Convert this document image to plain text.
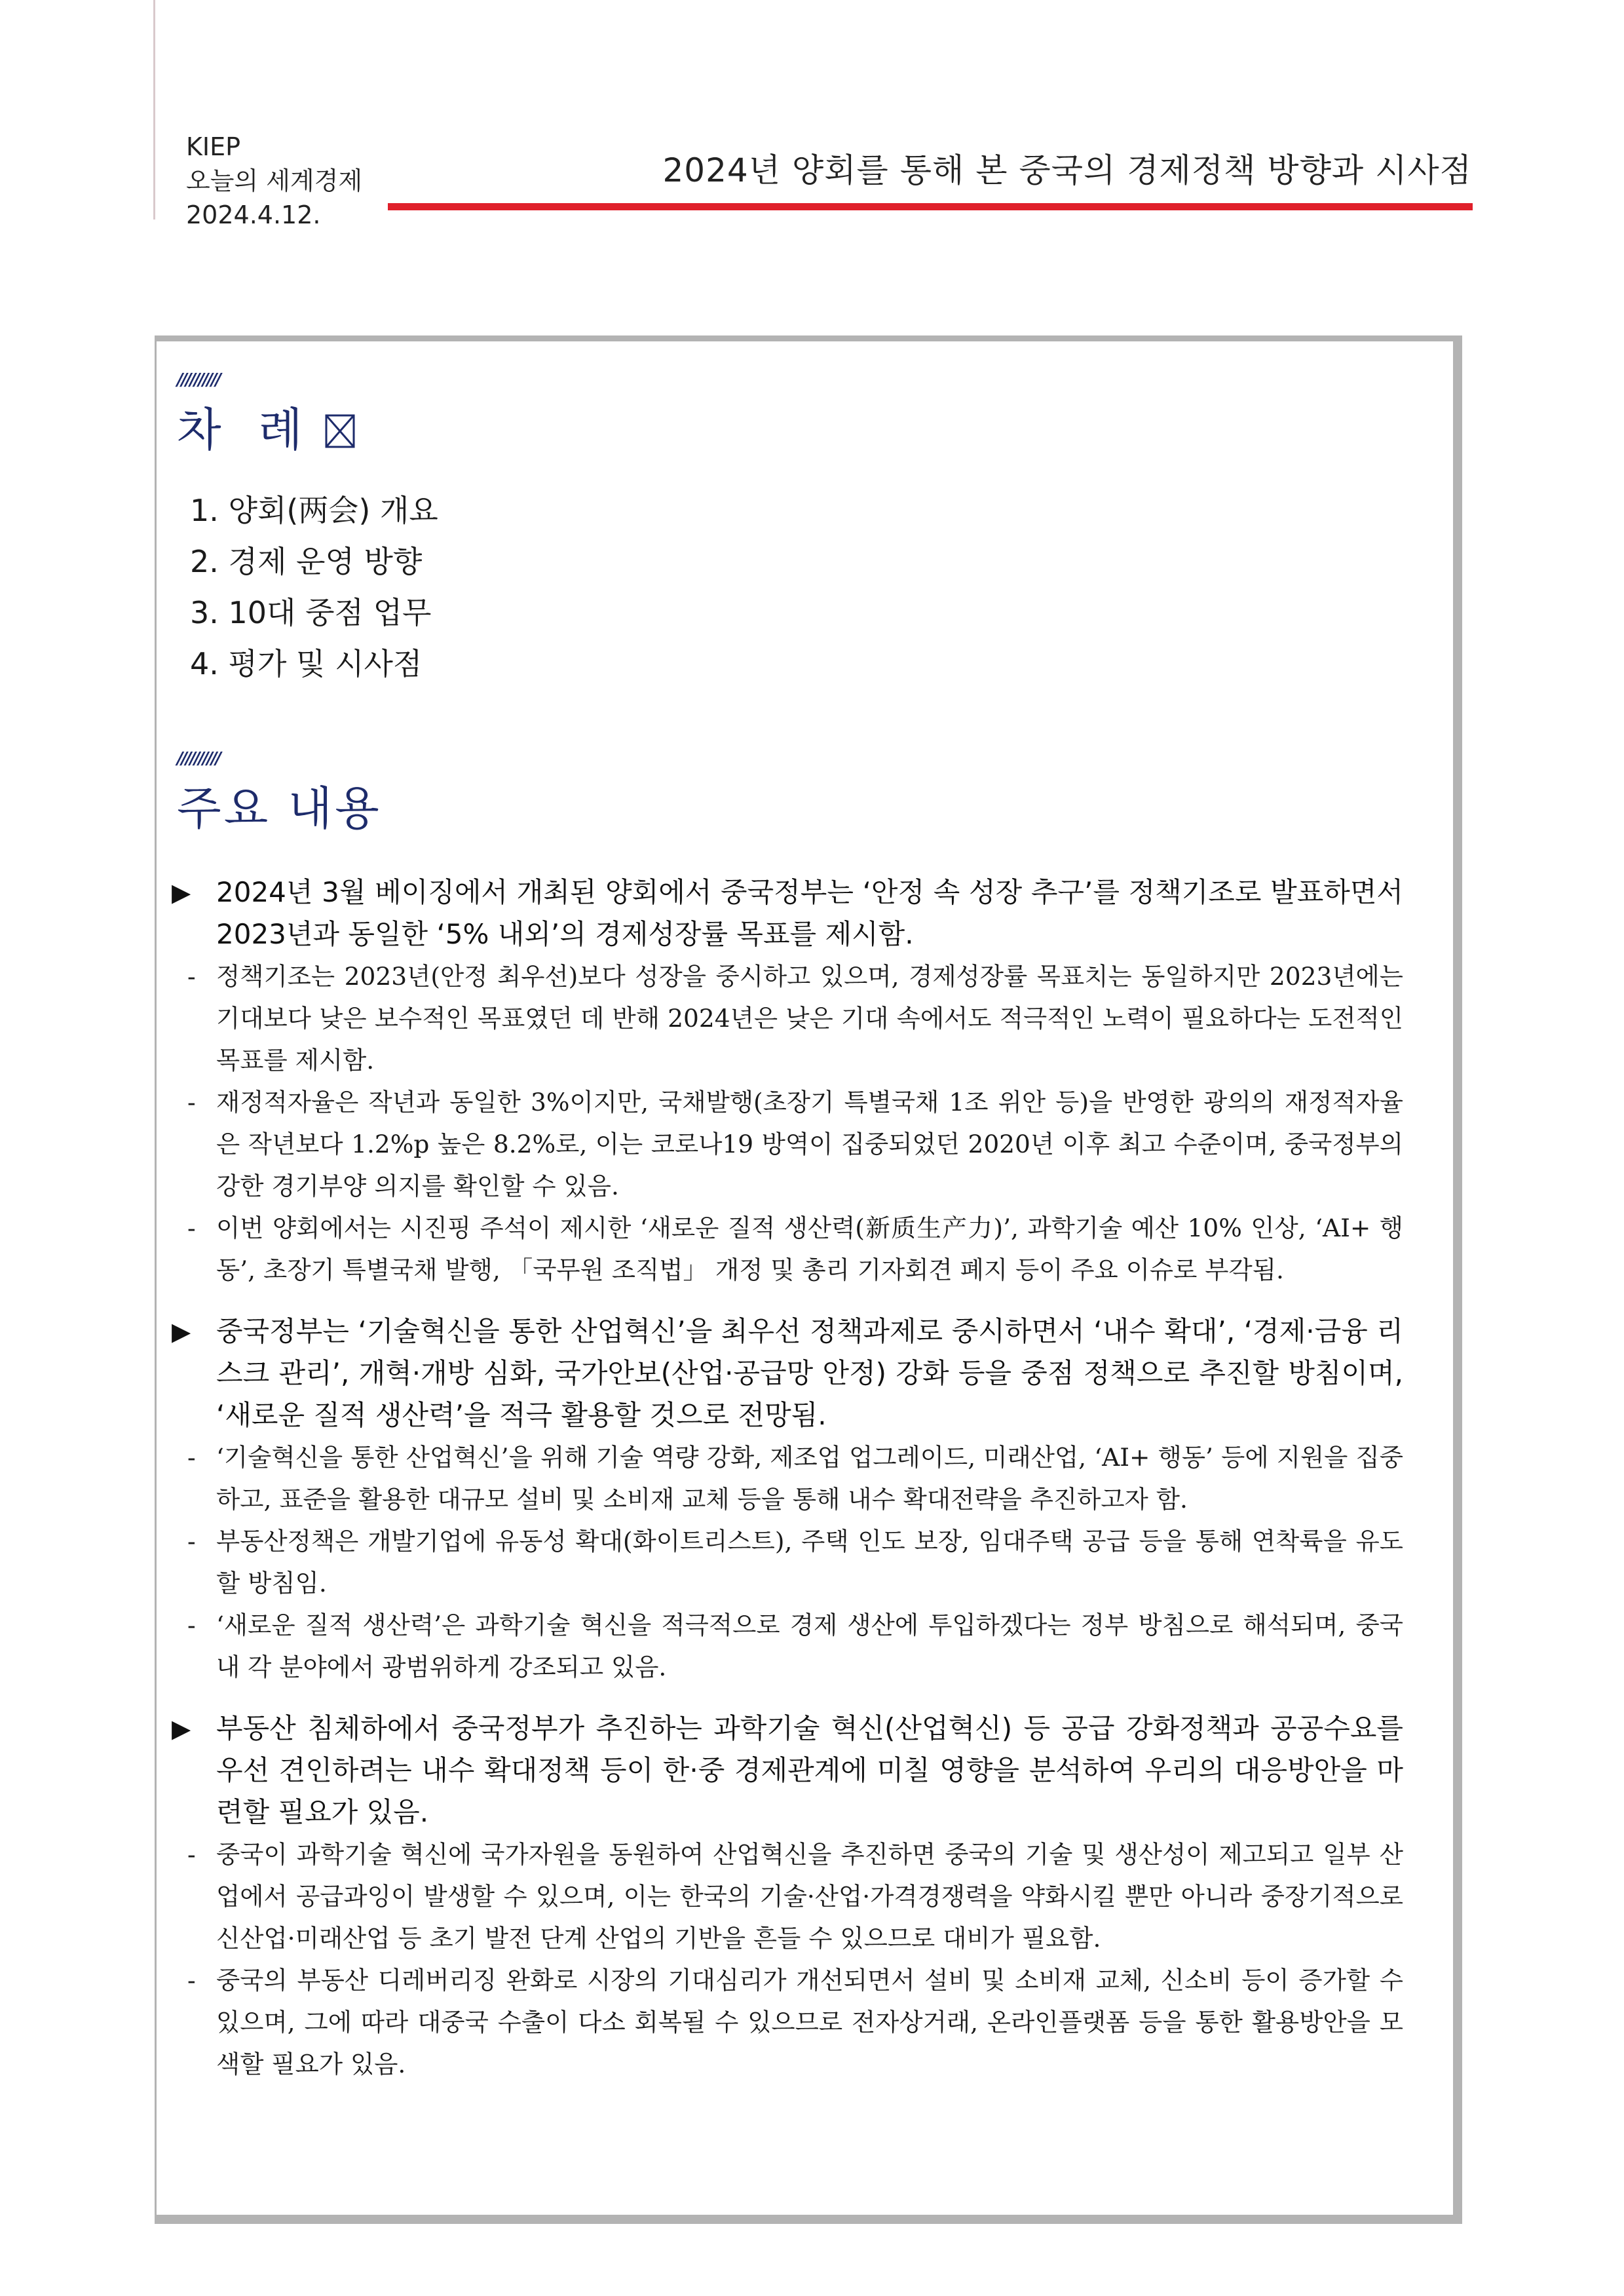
KIEP
오늘의 세계경제
2024.4.12.
2024년 양회를 통해 본 중국의 경제정책 방향과 시사점
//////////
차  례
1. 양회(两会) 개요
2. 경제 운영 방향
3. 10대 중점 업무
4. 평가 및 시사점
//////////
주요 내용
▶ 2024년 3월 베이징에서 개최된 양회에서 중국정부는 ‘안정 속 성장 추구’를 정책기조로 발표하면서 2023년과 동일한 ‘5% 내외’의 경제성장률 목표를 제시함.
- 정책기조는 2023년(안정 최우선)보다 성장을 중시하고 있으며, 경제성장률 목표치는 동일하지만 2023년에는 기대보다 낮은 보수적인 목표였던 데 반해 2024년은 낮은 기대 속에서도 적극적인 노력이 필요하다는 도전적인 목표를 제시함.
- 재정적자율은 작년과 동일한 3%이지만, 국채발행(초장기 특별국채 1조 위안 등)을 반영한 광의의 재정적자율은 작년보다 1.2%p 높은 8.2%로, 이는 코로나19 방역이 집중되었던 2020년 이후 최고 수준이며, 중국정부의 강한 경기부양 의지를 확인할 수 있음.
- 이번 양회에서는 시진핑 주석이 제시한 ‘새로운 질적 생산력(新质生产力)’, 과학기술 예산 10% 인상, ‘AI+ 행동’, 초장기 특별국채 발행, 「국무원 조직법」 개정 및 총리 기자회견 폐지 등이 주요 이슈로 부각됨.
▶ 중국정부는 ‘기술혁신을 통한 산업혁신’을 최우선 정책과제로 중시하면서 ‘내수 확대’, ‘경제·금융 리스크 관리’, 개혁·개방 심화, 국가안보(산업·공급망 안정) 강화 등을 중점 정책으로 추진할 방침이며, ‘새로운 질적 생산력’을 적극 활용할 것으로 전망됨.
- ‘기술혁신을 통한 산업혁신’을 위해 기술 역량 강화, 제조업 업그레이드, 미래산업, ‘AI+ 행동’ 등에 지원을 집중하고, 표준을 활용한 대규모 설비 및 소비재 교체 등을 통해 내수 확대전략을 추진하고자 함.
- 부동산정책은 개발기업에 유동성 확대(화이트리스트), 주택 인도 보장, 임대주택 공급 등을 통해 연착륙을 유도할 방침임.
- ‘새로운 질적 생산력’은 과학기술 혁신을 적극적으로 경제 생산에 투입하겠다는 정부 방침으로 해석되며, 중국 내 각 분야에서 광범위하게 강조되고 있음.
▶ 부동산 침체하에서 중국정부가 추진하는 과학기술 혁신(산업혁신) 등 공급 강화정책과 공공수요를 우선 견인하려는 내수 확대정책 등이 한·중 경제관계에 미칠 영향을 분석하여 우리의 대응방안을 마련할 필요가 있음.
- 중국이 과학기술 혁신에 국가자원을 동원하여 산업혁신을 추진하면 중국의 기술 및 생산성이 제고되고 일부 산업에서 공급과잉이 발생할 수 있으며, 이는 한국의 기술·산업·가격경쟁력을 약화시킬 뿐만 아니라 중장기적으로 신산업·미래산업 등 초기 발전 단계 산업의 기반을 흔들 수 있으므로 대비가 필요함.
- 중국의 부동산 디레버리징 완화로 시장의 기대심리가 개선되면서 설비 및 소비재 교체, 신소비 등이 증가할 수 있으며, 그에 따라 대중국 수출이 다소 회복될 수 있으므로 전자상거래, 온라인플랫폼 등을 통한 활용방안을 모색할 필요가 있음.
